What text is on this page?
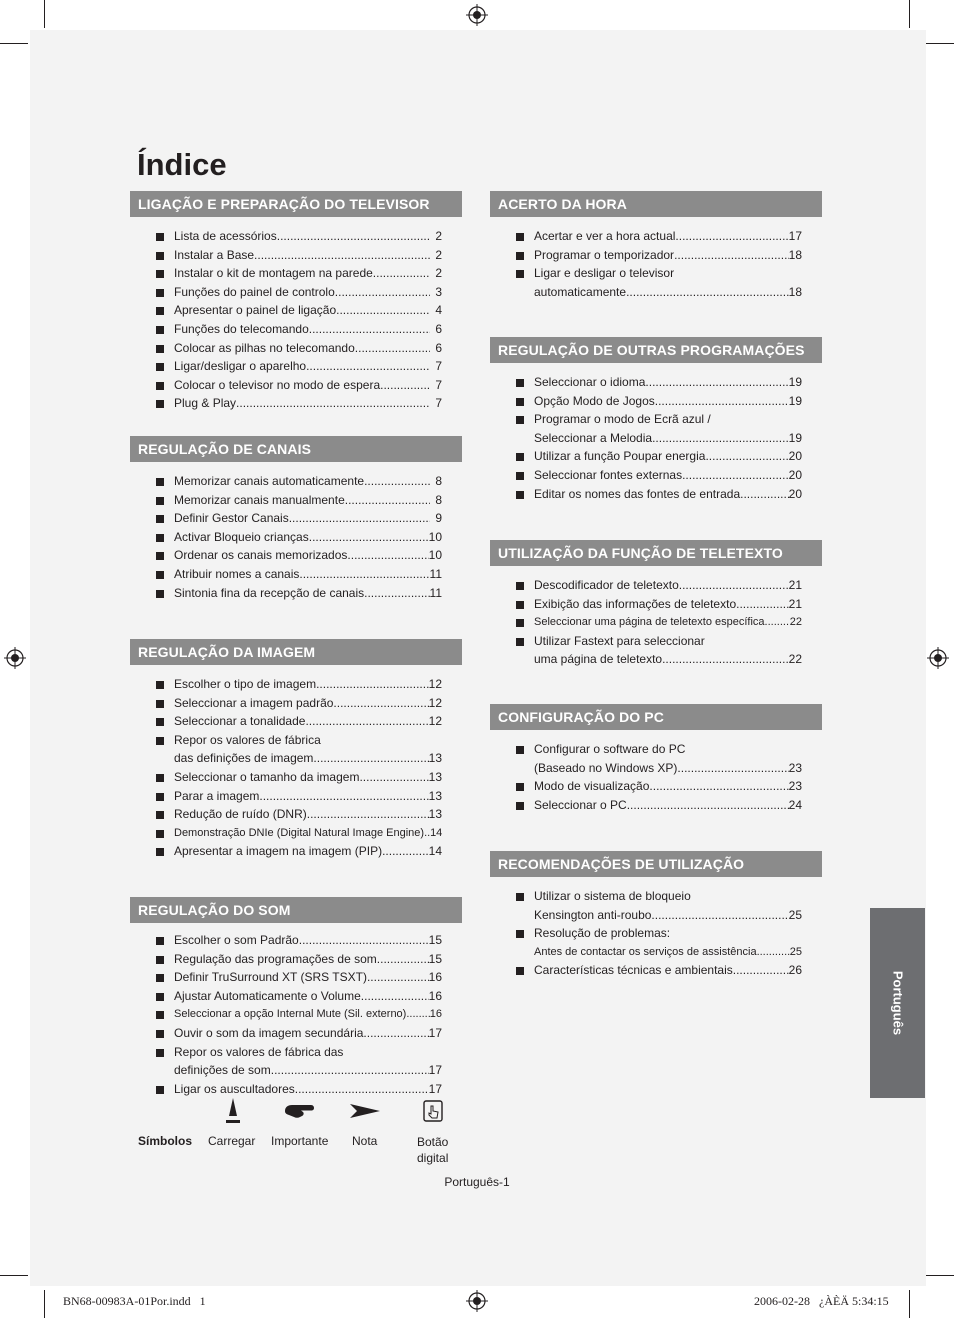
Índice
LIGAÇÃO E PREPARAÇÃO DO TELEVISOR
Lista de acessórios .....	2
Instalar a Base .....	2
Instalar o kit de montagem na parede .....	2
Funções do painel de controlo .....	3
Apresentar o painel de ligação .....	4
Funções do telecomando .....	6
Colocar as pilhas no telecomando .....	6
Ligar/desligar o aparelho .....	7
Colocar o televisor no modo de espera .....	7
Plug & Play .....	7
REGULAÇÃO DE CANAIS
Memorizar canais automaticamente .....	8
Memorizar canais manualmente .....	8
Definir Gestor Canais .....	9
Activar Bloqueio crianças .....	10
Ordenar os canais memorizados .....	10
Atribuir nomes a canais .....	11
Sintonia fina da recepção de canais .....	11
REGULAÇÃO DA IMAGEM
Escolher o tipo de imagem .....	12
Seleccionar a imagem padrão .....	12
Seleccionar a tonalidade .....	12
Repor os valores de fábrica
das definições de imagem .....	13
Seleccionar o tamanho da imagem .....	13
Parar a imagem .....	13
Redução de ruído (DNR) .....	13
Demonstração DNIe (Digital Natural Image Engine) ..... 14
Apresentar a imagem na imagem (PIP) .....	14
REGULAÇÃO DO SOM
Escolher o som Padrão .....	15
Regulação das programações de som .....	15
Definir TruSurround XT (SRS TSXT) .....	16
Ajustar Automaticamente o Volume .....	16
Seleccionar a opção Internal Mute (Sil. externo) ..... 16
Ouvir o som da imagem secundária .....	17
Repor os valores de fábrica das
definições de som .....	17
Ligar os auscultadores .....	17
ACERTO DA HORA
Acertar e ver a hora actual .....	17
Programar o temporizador .....	18
Ligar e desligar o televisor
automaticamente .....	18
REGULAÇÃO DE OUTRAS PROGRAMAÇÕES
Seleccionar o idioma .....	19
Opção Modo de Jogos .....	19
Programar o modo de Ecrã azul /
Seleccionar a Melodia .....	19
Utilizar a função Poupar energia .....	20
Seleccionar fontes externas .....	20
Editar os nomes das fontes de entrada .....	20
UTILIZAÇÃO DA FUNÇÃO DE TELETEXTO
Descodificador de teletexto .....	21
Exibição das informações de teletexto .....	21
Seleccionar uma página de teletexto específica ..... 22
Utilizar Fastext para seleccionar
uma página de teletexto .....	22
CONFIGURAÇÃO DO PC
Configurar o software do PC
(Baseado no Windows XP) .....	23
Modo de visualização .....	23
Seleccionar o PC .....	24
RECOMENDAÇÕES DE UTILIZAÇÃO
Utilizar o sistema de bloqueio
Kensington anti-roubo .....	25
Resolução de problemas:
Antes de contactar os serviços de assistência .....	25
Características técnicas e ambientais .....	26
Português
Símbolos Carregar Importante Nota	Botão
digital
Português-1
BN68-00983A-01Por.indd   1	2006-02-28   ¿ÀÈÄ 5:34:15
